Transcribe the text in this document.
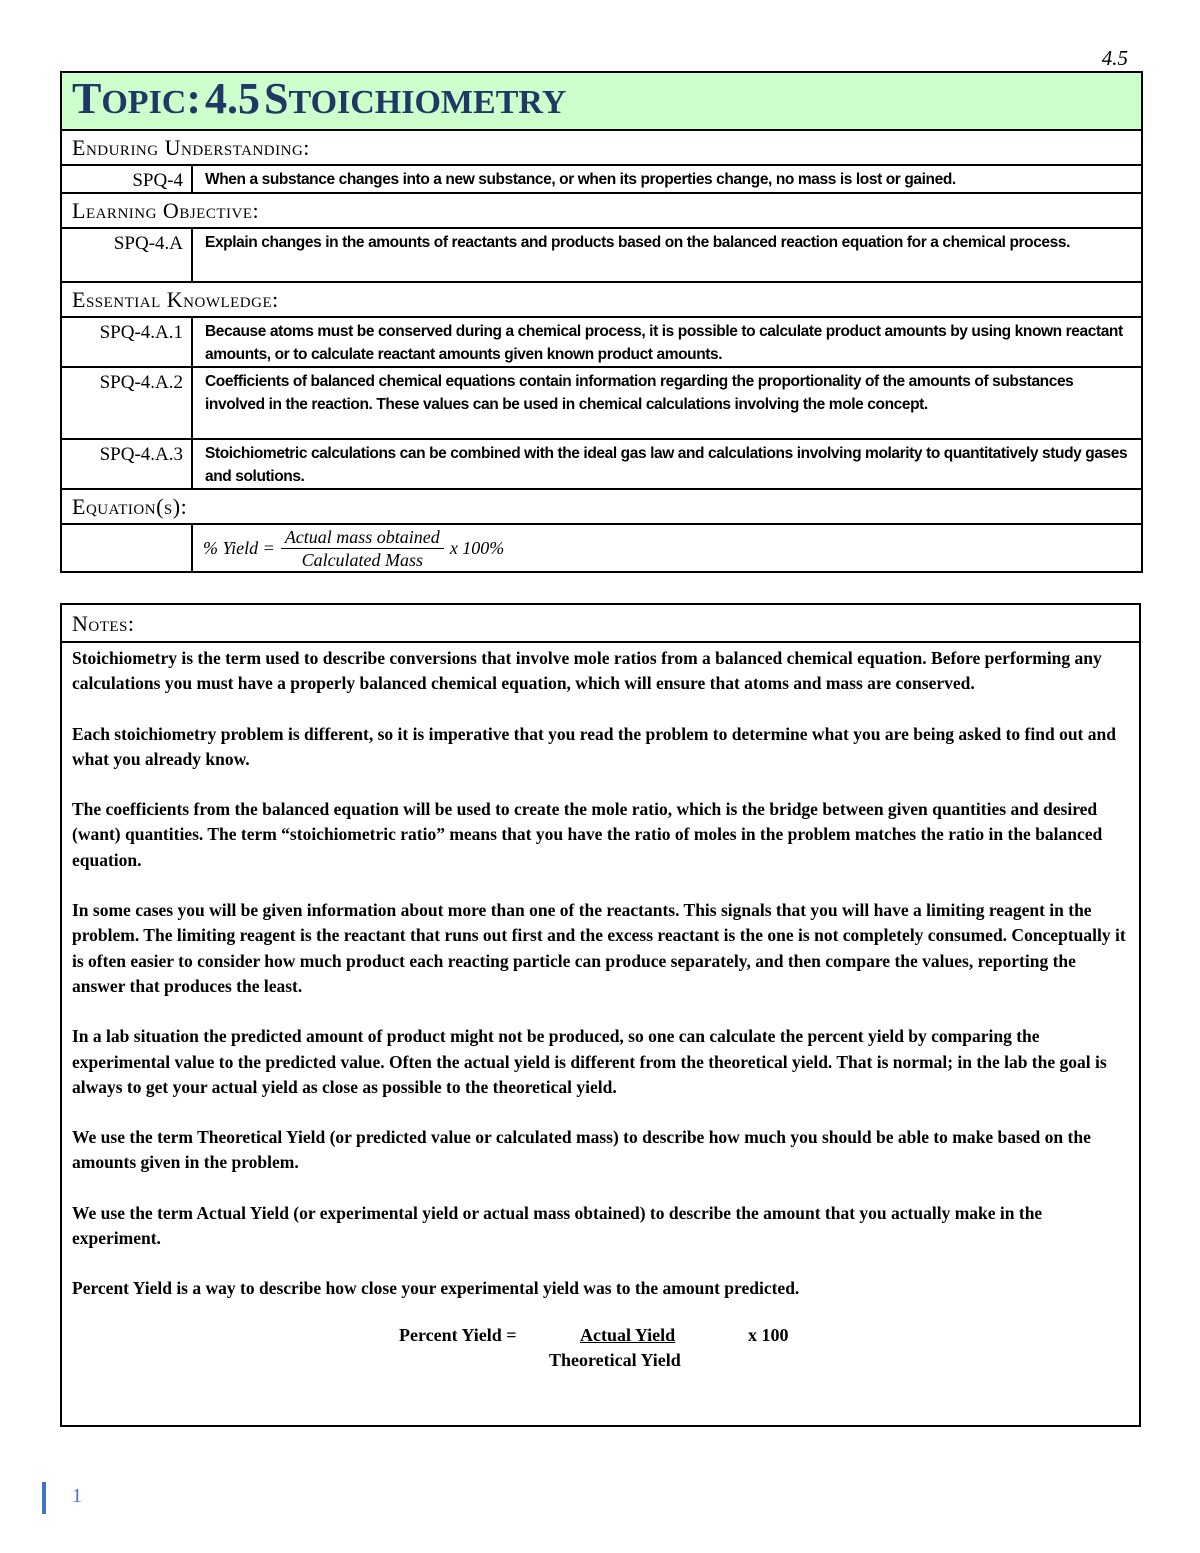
4.5
TOPIC: 4.5 STOICHIOMETRY	
Enduring Understanding:	
SPQ-4	When a substance changes into a new substance, or when its properties change, no mass is lost or gained.
Learning Objective:	
SPQ-4.A	Explain changes in the amounts of reactants and products based on the balanced reaction equation for a chemical process.
Essential Knowledge:	
SPQ-4.A.1	Because atoms must be conserved during a chemical process, it is possible to calculate product amounts by using known reactant amounts, or to calculate reactant amounts given known product amounts.
SPQ-4.A.2	Coefficients of balanced chemical equations contain information regarding the proportionality of the amounts of substances involved in the reaction. These values can be used in chemical calculations involving the mole concept.
SPQ-4.A.3	Stoichiometric calculations can be combined with the ideal gas law and calculations involving molarity to quantitatively study gases and solutions.
Equation(s):	

	% Yield = $\frac{\text{Actual mass obtained}}{\text{Calculated Mass}}$ x 100%
Notes:

Stoichiometry is the term used to describe conversions that involve mole ratios from a balanced chemical equation. Before performing any calculations you must have a properly balanced chemical equation, which will ensure that atoms and mass are conserved.

Each stoichiometry problem is different, so it is imperative that you read the problem to determine what you are being asked to find out and what you already know.

The coefficients from the balanced equation will be used to create the mole ratio, which is the bridge between given quantities and desired (want) quantities. The term “stoichiometric ratio” means that you have the ratio of moles in the problem matches the ratio in the balanced equation.

In some cases you will be given information about more than one of the reactants. This signals that you will have a limiting reagent in the problem. The limiting reagent is the reactant that runs out first and the excess reactant is the one is not completely consumed. Conceptually it is often easier to consider how much product each reacting particle can produce separately, and then compare the values, reporting the answer that produces the least.

In a lab situation the predicted amount of product might not be produced, so one can calculate the percent yield by comparing the experimental value to the predicted value. Often the actual yield is different from the theoretical yield. That is normal; in the lab the goal is always to get your actual yield as close as possible to the theoretical yield.

We use the term Theoretical Yield (or predicted value or calculated mass) to describe how much you should be able to make based on the amounts given in the problem.

We use the term Actual Yield (or experimental yield or actual mass obtained) to describe the amount that you actually make in the experiment.

Percent Yield is a way to describe how close your experimental yield was to the amount predicted.

Percent Yield =	Actual Yield	x 100
Theoretical Yield
1
